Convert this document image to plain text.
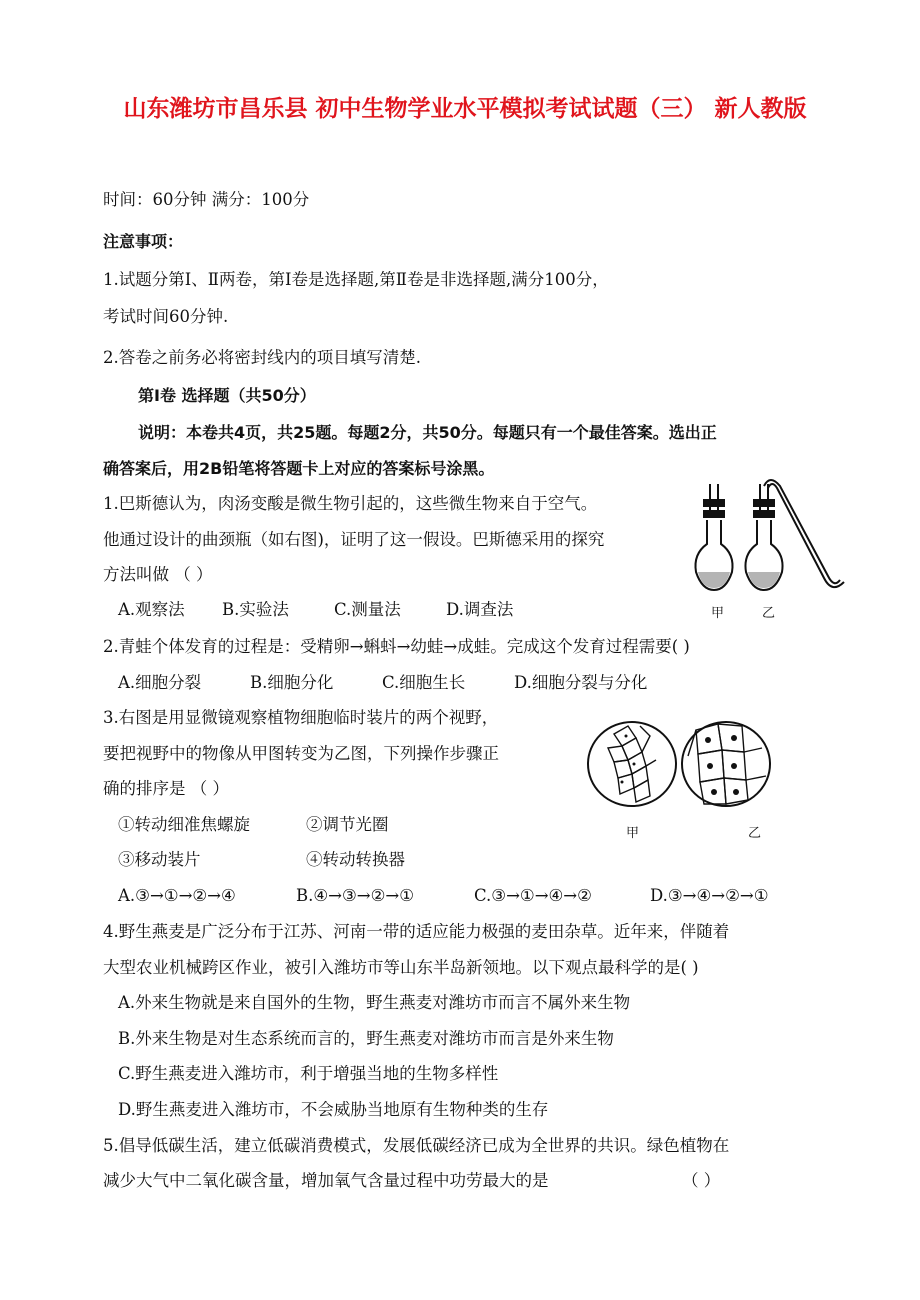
山东潍坊市昌乐县 初中生物学业水平模拟考试试题（三） 新人教版
时间：60分钟 满分：100分
注意事项：
1.试题分第Ⅰ、Ⅱ两卷，第Ⅰ卷是选择题,第Ⅱ卷是非选择题,满分100分，
考试时间60分钟.
2.答卷之前务必将密封线内的项目填写清楚.
第Ⅰ卷 选择题（共50分）
说明：本卷共4页，共25题。每题2分，共50分。每题只有一个最佳答案。选出正
确答案后，用2B铅笔将答题卡上对应的答案标号涂黑。
1.巴斯德认为，肉汤变酸是微生物引起的，这些微生物来自于空气。
他通过设计的曲颈瓶（如右图)，证明了这一假设。巴斯德采用的探究
方法叫做 （ ）
A.观察法 B.实验法	C.测量法	D.调查法	甲	乙
2.青蛙个体发育的过程是：受精卵→蝌蚪→幼蛙→成蛙。完成这个发育过程需要( )
A.细胞分裂	B.细胞分化	C.细胞生长	D.细胞分裂与分化
3.右图是用显微镜观察植物细胞临时装片的两个视野，
要把视野中的物像从甲图转变为乙图，下列操作步骤正
确的排序是 （ ）
①转动细准焦螺旋	②调节光圈
③移动装片	④转动转换器
A.③→①→②→④	B.④→③→②→①	C.③→①→④→②	D.③→④→②→①
甲	乙
4.野生燕麦是广泛分布于江苏、河南一带的适应能力极强的麦田杂草。近年来，伴随着
大型农业机械跨区作业，被引入潍坊市等山东半岛新领地。以下观点最科学的是( )
A.外来生物就是来自国外的生物，野生燕麦对潍坊市而言不属外来生物
B.外来生物是对生态系统而言的，野生燕麦对潍坊市而言是外来生物
C.野生燕麦进入潍坊市，利于增强当地的生物多样性
D.野生燕麦进入潍坊市，不会威胁当地原有生物种类的生存
5.倡导低碳生活，建立低碳消费模式，发展低碳经济已成为全世界的共识。绿色植物在
减少大气中二氧化碳含量，增加氧气含量过程中功劳最大的是	（ ）
